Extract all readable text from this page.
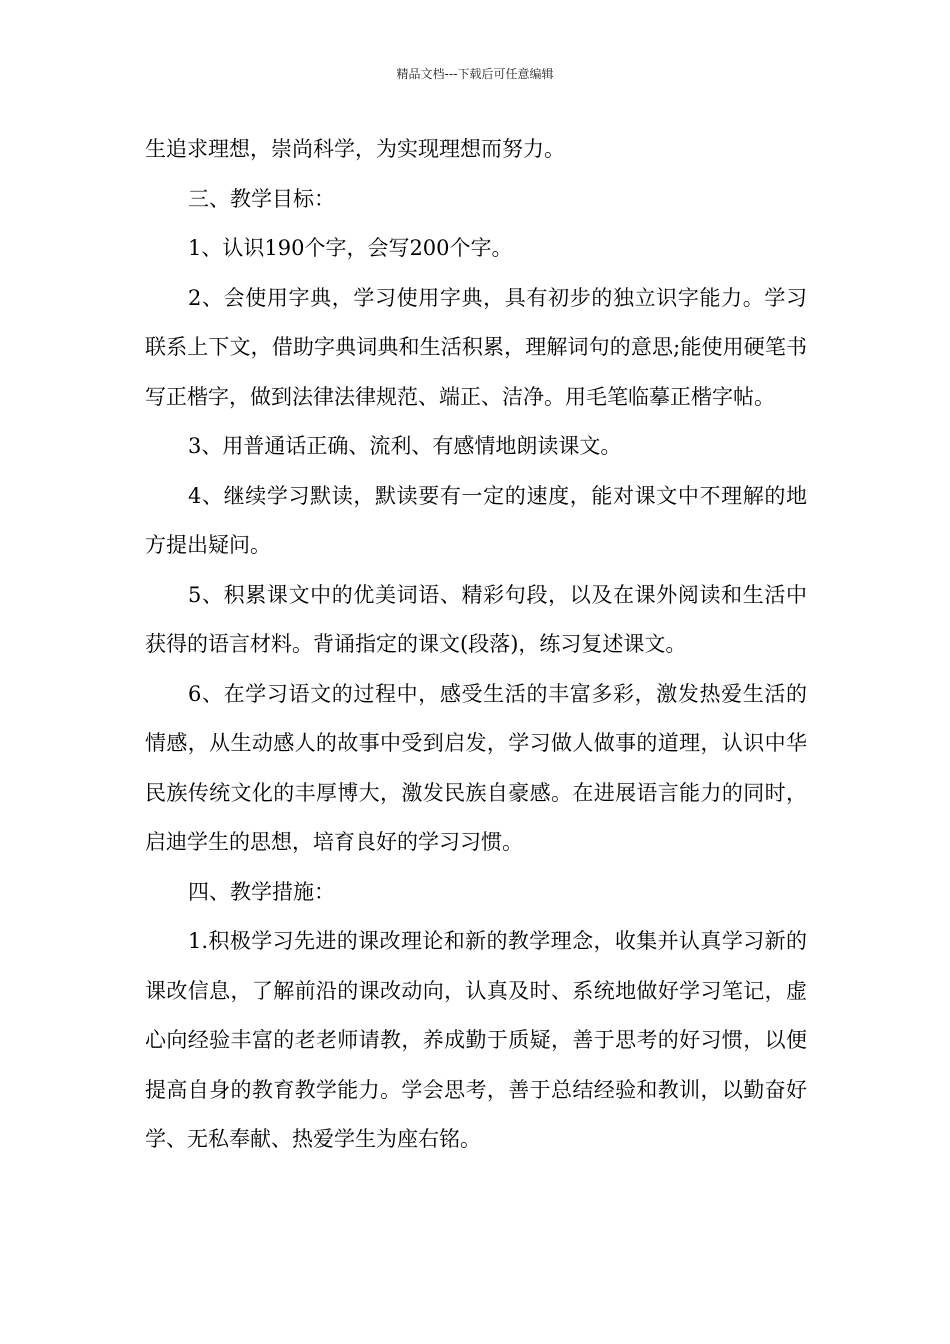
精品文档---下载后可任意编辑

生追求理想，崇尚科学，为实现理想而努力。

三、教学目标：

1、认识190个字，会写200个字。

2、会使用字典，学习使用字典，具有初步的独立识字能力。学习联系上下文，借助字典词典和生活积累，理解词句的意思;能使用硬笔书写正楷字，做到法律法律规范、端正、洁净。用毛笔临摹正楷字帖。

3、用普通话正确、流利、有感情地朗读课文。

4、继续学习默读，默读要有一定的速度，能对课文中不理解的地方提出疑问。

5、积累课文中的优美词语、精彩句段，以及在课外阅读和生活中获得的语言材料。背诵指定的课文(段落)，练习复述课文。

6、在学习语文的过程中，感受生活的丰富多彩，激发热爱生活的情感，从生动感人的故事中受到启发，学习做人做事的道理，认识中华民族传统文化的丰厚博大，激发民族自豪感。在进展语言能力的同时，启迪学生的思想，培育良好的学习习惯。

四、教学措施：

1.积极学习先进的课改理论和新的教学理念，收集并认真学习新的课改信息，了解前沿的课改动向，认真及时、系统地做好学习笔记，虚心向经验丰富的老老师请教，养成勤于质疑，善于思考的好习惯，以便提高自身的教育教学能力。学会思考，善于总结经验和教训，以勤奋好学、无私奉献、热爱学生为座右铭。
